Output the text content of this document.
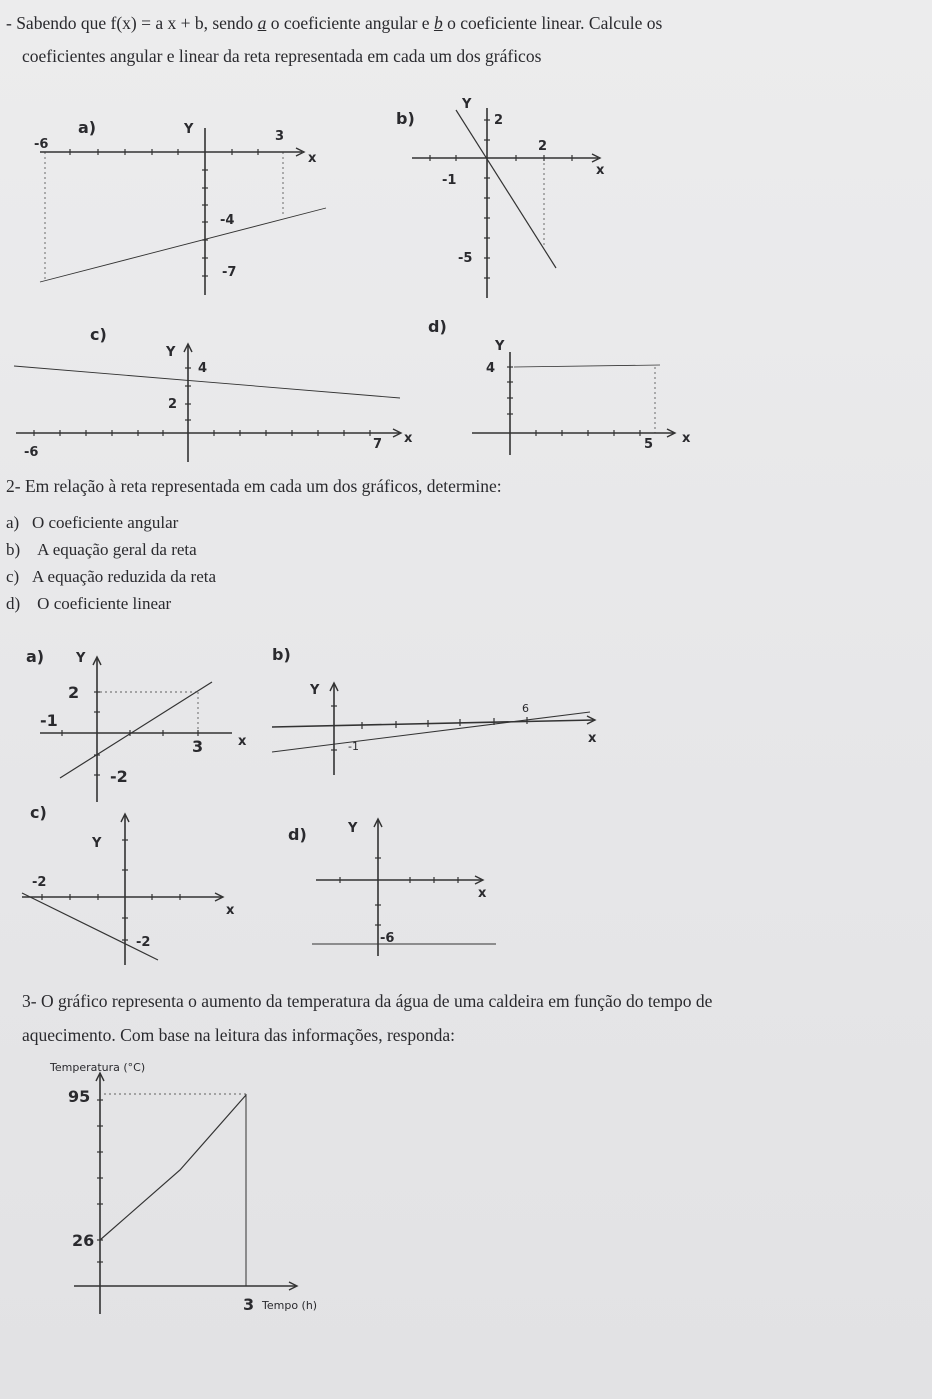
- Sabendo que f(x) = a x + b, sendo a o coeficiente angular e b o coeficiente linear. Calcule os
coeficientes angular e linear da reta representada em cada um dos gráficos
2- Em relação à reta representada em cada um dos gráficos, determine:
a) O coeficiente angular
b) A equação geral da reta
c) A equação reduzida da reta
d) O coeficiente linear
3- O gráfico representa o aumento da temperatura da água de uma caldeira em função do tempo de
aquecimento. Com base na leitura das informações, responda:
a)	Y
x
-6
3
-4
-7
b)
Y
x
2
2
-1
-5
c)
Y
x
4
2
7
-6
d)
Y
x
4
5
a) Y
x
2
-1
3
-2
b)
Y
x
6
-1
c)
Y
x
-2
-2
d)	Y
x
-6
Temperatura (°C)
95
26
3 Tempo (h)
